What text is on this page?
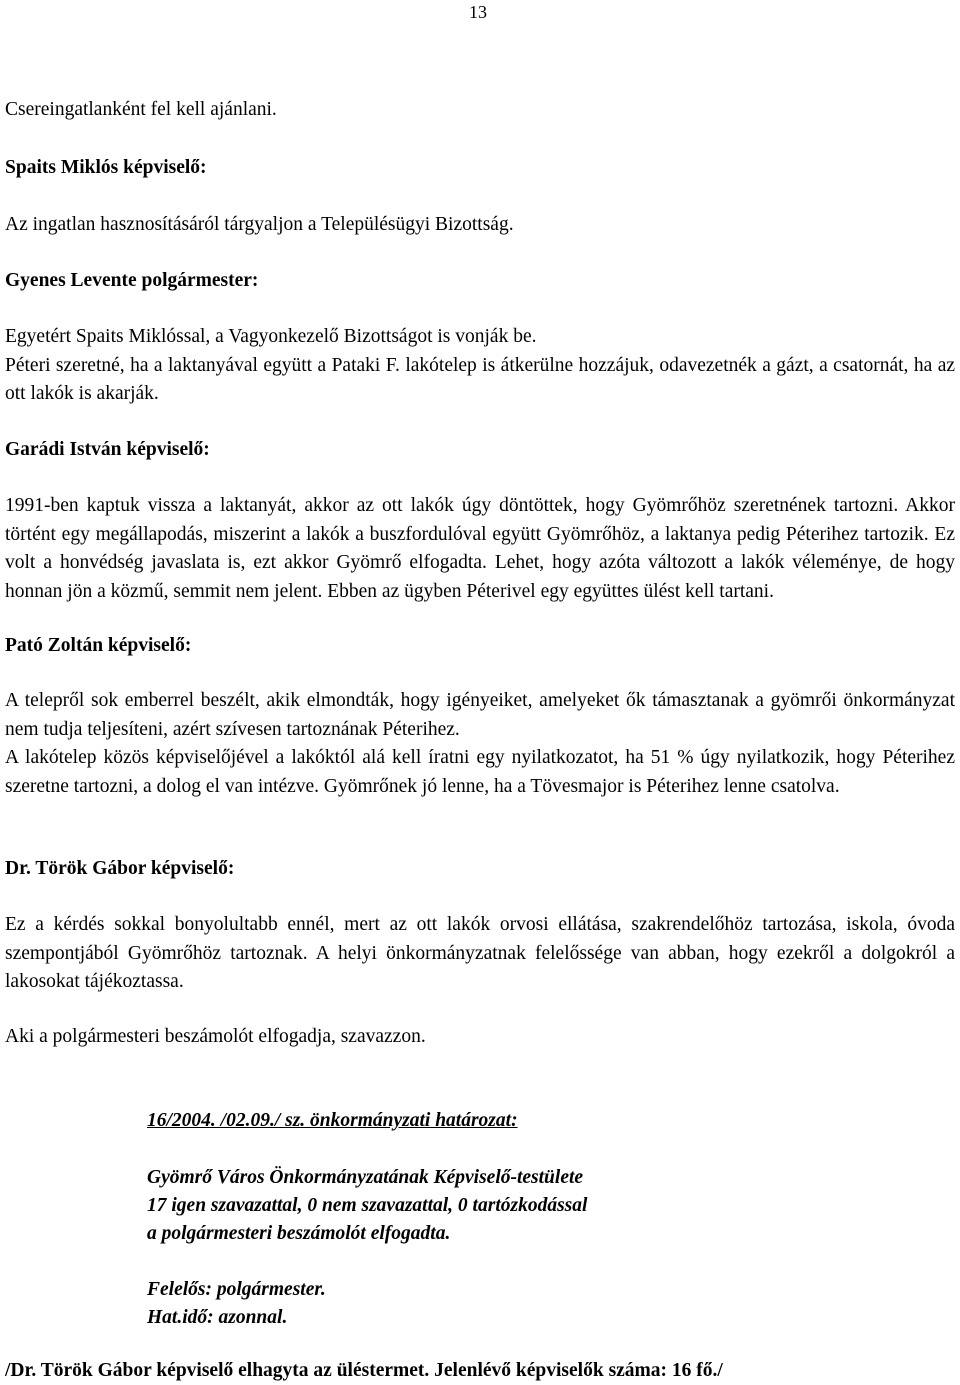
13
Csereingatlanként fel kell ajánlani.
Spaits Miklós képviselő:
Az ingatlan hasznosításáról tárgyaljon a Településügyi Bizottság.
Gyenes Levente polgármester:
Egyetért Spaits Miklóssal, a Vagyonkezelő Bizottságot is vonják be.
Péteri szeretné, ha a laktanyával együtt a Pataki F. lakótelep is átkerülne hozzájuk, odavezetnék a gázt, a csatornát, ha az ott lakók is akarják.
Garádi István képviselő:
1991-ben kaptuk vissza a laktanyát, akkor az ott lakók úgy döntöttek, hogy Gyömrőhöz szeretnének tartozni. Akkor történt egy megállapodás, miszerint a lakók a buszfordulóval együtt Gyömrőhöz, a laktanya pedig Péterihez tartozik. Ez volt a honvédség javaslata is, ezt akkor Gyömrő elfogadta. Lehet, hogy azóta változott a lakók véleménye, de hogy honnan jön a közmű, semmit nem jelent. Ebben az ügyben Péterivel egy együttes ülést kell tartani.
Pató Zoltán képviselő:
A telepről sok emberrel beszélt, akik elmondták, hogy igényeiket, amelyeket ők támasztanak a gyömrői önkormányzat nem tudja teljesíteni, azért szívesen tartoznának Péterihez.
A lakótelep közös képviselőjével a lakóktól alá kell íratni egy nyilatkozatot, ha 51 % úgy nyilatkozik, hogy Péterihez szeretne tartozni, a dolog el van intézve. Gyömrőnek jó lenne, ha a Tövesmajor is Péterihez lenne csatolva.
Dr. Török Gábor képviselő:
Ez a kérdés sokkal bonyolultabb ennél, mert az ott lakók orvosi ellátása, szakrendelőhöz tartozása, iskola, óvoda szempontjából Gyömrőhöz tartoznak. A helyi önkormányzatnak felelőssége van abban, hogy ezekről a dolgokról a lakosokat tájékoztassa.
Aki a polgármesteri beszámolót elfogadja, szavazzon.
16/2004. /02.09./ sz. önkormányzati határozat:
Gyömrő Város Önkormányzatának Képviselő-testülete
17 igen szavazattal, 0 nem szavazattal, 0 tartózkodással
a polgármesteri beszámolót elfogadta.
Felelős: polgármester.
Hat.idő: azonnal.
/Dr. Török Gábor képviselő elhagyta az üléstermet. Jelenlévő képviselők száma: 16 fő./
